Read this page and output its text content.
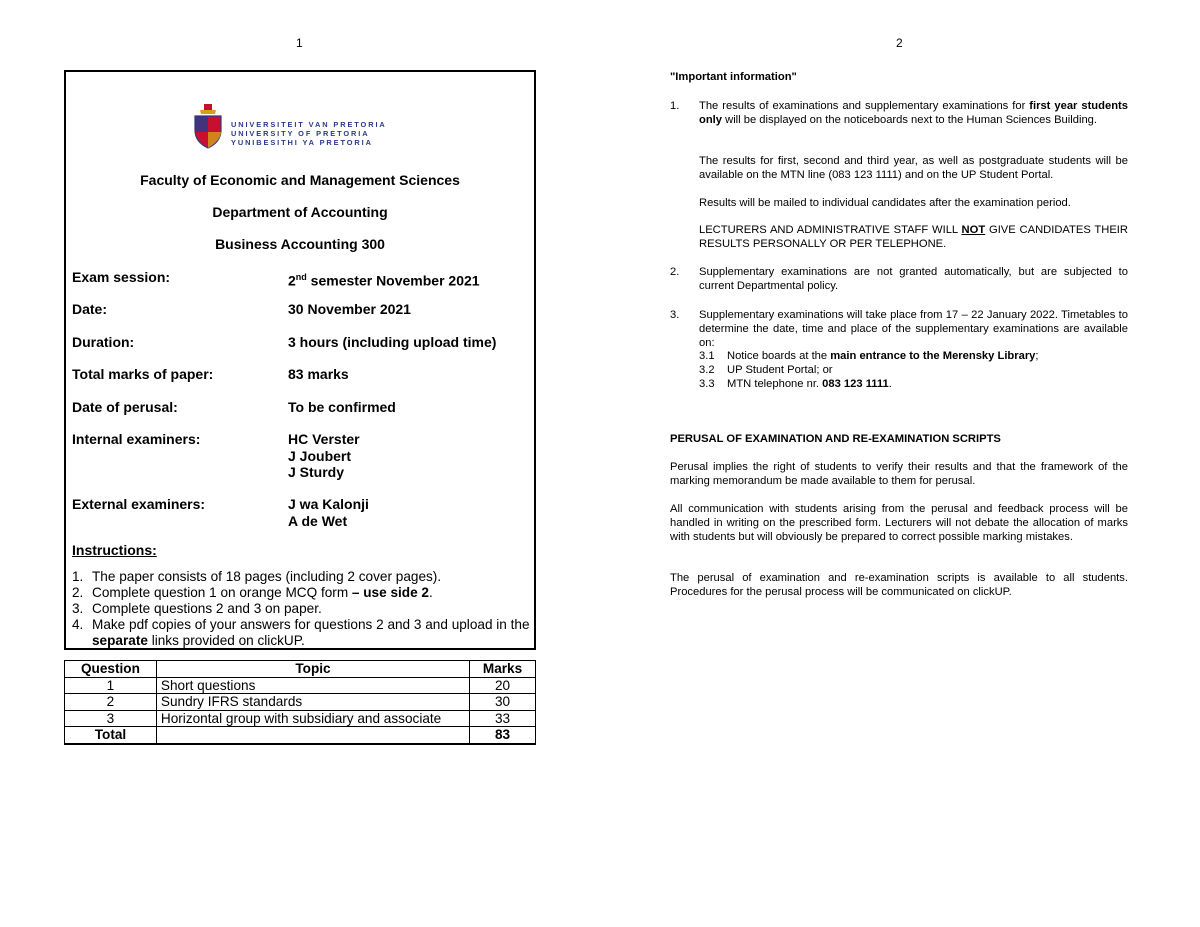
1	2
UNIVERSITEIT VAN PRETORIA
UNIVERSITY OF PRETORIA
YUNIBESITHI YA PRETORIA
Faculty of Economic and Management Sciences
Department of Accounting
Business Accounting 300
Exam session:	2nd semester November 2021
Date:	30 November 2021
Duration:	3 hours (including upload time)
Total marks of paper:	83 marks
Date of perusal:	To be confirmed
Internal examiners:	HC Verster
J Joubert
J Sturdy
External examiners:	J wa Kalonji
A de Wet
Instructions:
1. The paper consists of 18 pages (including 2 cover pages).
2. Complete question 1 on orange MCQ form – use side 2.
3. Complete questions 2 and 3 on paper.
4. Make pdf copies of your answers for questions 2 and 3 and upload in the separate links provided on clickUP.
Question	Topic	Marks
1	Short questions	20
2	Sundry IFRS standards	30
3	Horizontal group with subsidiary and associate	33
Total		83
"Important information"
1. The results of examinations and supplementary examinations for first year students only will be displayed on the noticeboards next to the Human Sciences Building.
The results for first, second and third year, as well as postgraduate students will be available on the MTN line (083 123 1111) and on the UP Student Portal.
Results will be mailed to individual candidates after the examination period.
LECTURERS AND ADMINISTRATIVE STAFF WILL NOT GIVE CANDIDATES THEIR RESULTS PERSONALLY OR PER TELEPHONE.
2. Supplementary examinations are not granted automatically, but are subjected to current Departmental policy.
3. Supplementary examinations will take place from 17 – 22 January 2022. Timetables to determine the date, time and place of the supplementary examinations are available on:
3.1 Notice boards at the main entrance to the Merensky Library;
3.2 UP Student Portal; or
3.3 MTN telephone nr. 083 123 1111.
PERUSAL OF EXAMINATION AND RE-EXAMINATION SCRIPTS
Perusal implies the right of students to verify their results and that the framework of the marking memorandum be made available to them for perusal.
All communication with students arising from the perusal and feedback process will be handled in writing on the prescribed form. Lecturers will not debate the allocation of marks with students but will obviously be prepared to correct possible marking mistakes.
The perusal of examination and re-examination scripts is available to all students. Procedures for the perusal process will be communicated on clickUP.
